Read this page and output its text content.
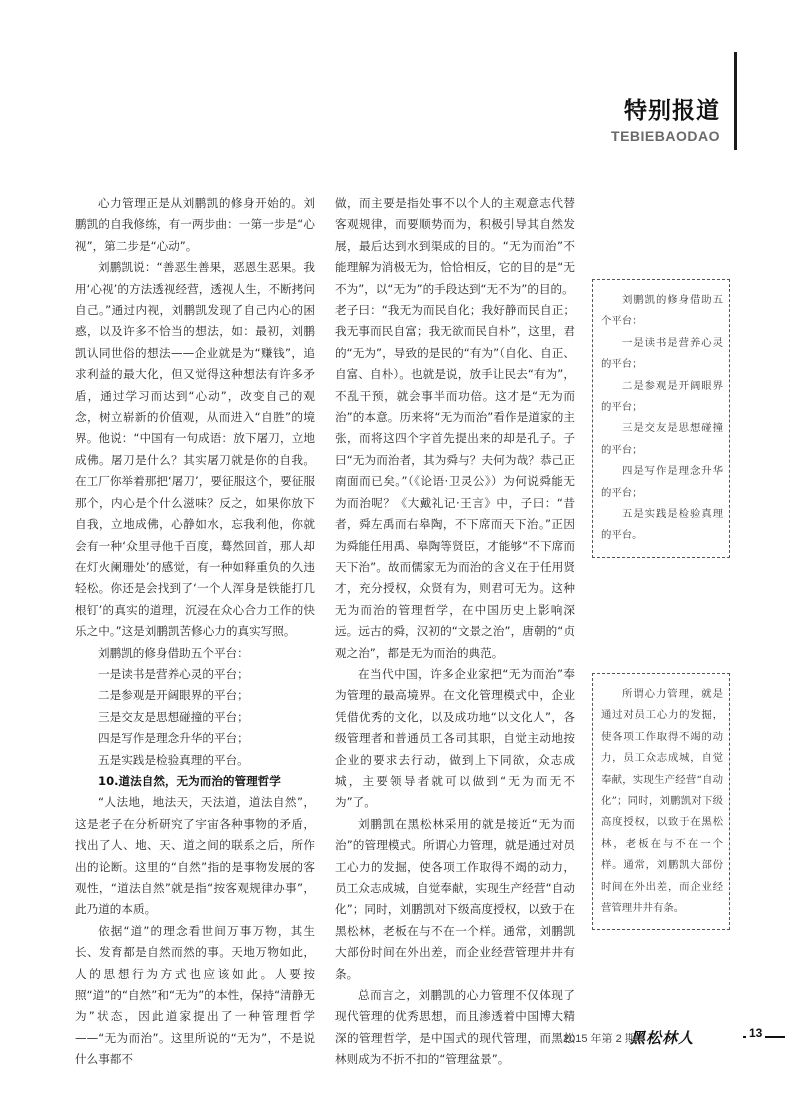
特别报道
TEBIEBAODAO

心力管理正是从刘鹏凯的修身开始的。刘鹏凯的自我修练，有一两步曲：一第一步是“心视”，第二步是“心动”。

刘鹏凯说：“善恶生善果，恶恩生恶果。我用‘心视’的方法透视经营，透视人生，不断拷问自己。”通过内视，刘鹏凯发现了自己内心的困惑，以及许多不恰当的想法，如：最初，刘鹏凯认同世俗的想法——企业就是为“赚钱”，追求利益的最大化，但又觉得这种想法有许多矛盾，通过学习而达到“心动”，改变自己的观念，树立崭新的价值观，从而进入“自胜”的境界。他说：“中国有一句成语：放下屠刀，立地成佛。屠刀是什么？其实屠刀就是你的自我。在工厂你举着那把‘屠刀’，要征服这个，要征服那个，内心是个什么滋味？反之，如果你放下自我，立地成佛，心静如水，忘我利他，你就会有一种‘众里寻他千百度，蓦然回首，那人却在灯火阑珊处’的感觉，有一种如释重负的久违轻松。你还是会找到了‘一个人浑身是铁能打几根钉’的真实的道理，沉浸在众心合力工作的快乐之中。”这是刘鹏凯苦修心力的真实写照。

刘鹏凯的修身借助五个平台：

一是读书是营养心灵的平台；

二是参观是开阔眼界的平台；

三是交友是思想碰撞的平台；

四是写作是理念升华的平台；

五是实践是检验真理的平台。

10.道法自然，无为而治的管理哲学

“人法地，地法天，天法道，道法自然”，这是老子在分析研究了宇宙各种事物的矛盾，找出了人、地、天、道之间的联系之后，所作出的论断。这里的“自然”指的是事物发展的客观性，“道法自然”就是指“按客观规律办事”，此乃道的本质。

依据“道”的理念看世间万事万物，其生长、发育都是自然而然的事。天地万物如此，人的思想行为方式也应该如此。人要按照“道”的“自然”和“无为”的本性，保持“清静无为”状态，因此道家提出了一种管理哲学——“无为而治”。这里所说的“无为”，不是说什么事都不

做，而主要是指处事不以个人的主观意志代替客观规律，而要顺势而为，积极引导其自然发展，最后达到水到渠成的目的。“无为而治”不能理解为消极无为，恰恰相反，它的目的是“无不为”，以“无为”的手段达到“无不为”的目的。

老子曰：“我无为而民自化；我好静而民自正；我无事而民自富；我无欲而民自朴”，这里，君的“无为”，导致的是民的“有为”（自化、自正、自富、自朴）。也就是说，放手让民去“有为”，不乱干预，就会事半而功倍。这才是“无为而治”的本意。历来将“无为而治”看作是道家的主张，而将这四个字首先提出来的却是孔子。子曰“无为而治者，其为舜与？夫何为哉？恭己正南面而已矣。”（《论语·卫灵公》）为何说舜能无为而治呢？《大戴礼记·王言》中，子曰：“昔者，舜左禹而右皋陶，不下席而天下治。”正因为舜能任用禹、皋陶等贤臣，才能够“不下席而天下治”。故而儒家无为而治的含义在于任用贤才，充分授权，众贤有为，则君可无为。这种无为而治的管理哲学，在中国历史上影响深远。远古的舜，汉初的“文景之治”，唐朝的“贞观之治”，都是无为而治的典范。

在当代中国，许多企业家把“无为而治”奉为管理的最高境界。在文化管理模式中，企业凭借优秀的文化，以及成功地“以文化人”，各级管理者和普通员工各司其职，自觉主动地按企业的要求去行动，做到上下同欲，众志成城，主要领导者就可以做到“无为而无不为”了。

刘鹏凯在黑松林采用的就是接近“无为而治”的管理模式。所谓心力管理，就是通过对员工心力的发掘，使各项工作取得不竭的动力，员工众志成城，自觉奉献，实现生产经营“自动化”；同时，刘鹏凯对下级高度授权，以致于在黑松林，老板在与不在一个样。通常，刘鹏凯大部份时间在外出差，而企业经营管理井井有条。

总而言之，刘鹏凯的心力管理不仅体现了现代管理的优秀思想，而且渗透着中国博大精深的管理哲学，是中国式的现代管理，而黑松林则成为不折不扣的“管理盆景”。

刘鹏凯的修身借助五个平台：

一是读书是营养心灵的平台；

二是参观是开阔眼界的平台；

三是交友是思想碰撞的平台；

四是写作是理念升华的平台；

五是实践是检验真理的平台。

所谓心力管理，就是通过对员工心力的发掘，使各项工作取得不竭的动力，员工众志成城，自觉奉献，实现生产经营“自动化”；同时，刘鹏凯对下级高度授权，以致于在黑松林，老板在与不在一个样。通常，刘鹏凯大部份时间在外出差，而企业经营管理井井有条。

2015 年第 2 期
黑松林人	13
